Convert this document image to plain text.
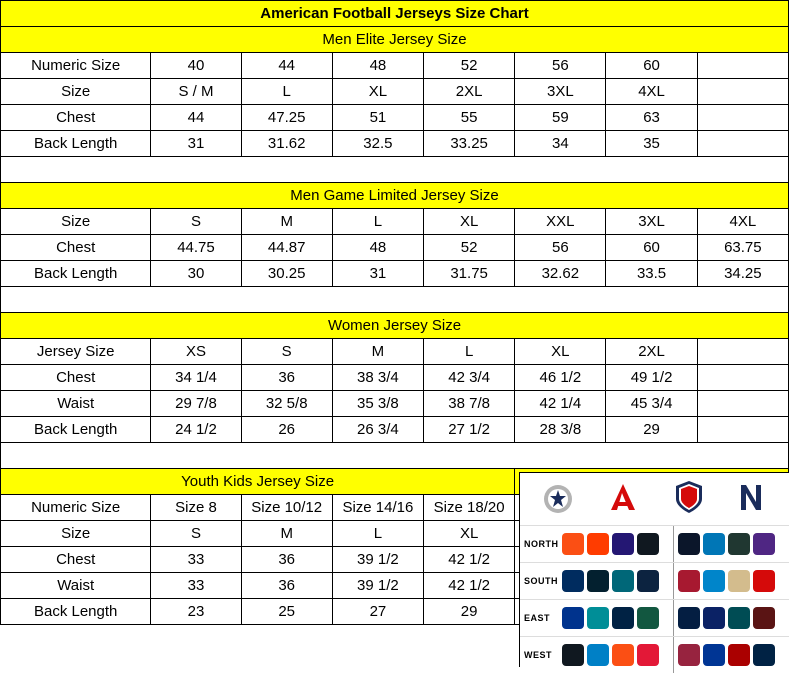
American Football Jerseys Size Chart							
Men Elite Jersey Size							
Numeric Size	40	44	48	52	56	60	
Size	S / M	L	XL	2XL	3XL	4XL	
Chest	44	47.25	51	55	59	63	
Back Length	31	31.62	32.5	33.25	34	35	

Men Game Limited Jersey Size							
Size	S	M	L	XL	XXL	3XL	4XL
Chest	44.75	44.87	48	52	56	60	63.75
Back Length	30	30.25	31	31.75	32.62	33.5	34.25

Women Jersey Size							
Jersey Size	XS	S	M	L	XL	2XL	
Chest	34 1/4	36	38 3/4	42 3/4	46 1/2	49 1/2	
Waist	29 7/8	32 5/8	35 3/8	38 7/8	42 1/4	45 3/4	
Back Length	24 1/2	26	26 3/4	27 1/2	28 3/8	29	

Youth Kids Jersey Size							
Numeric Size	Size 8	Size 10/12	Size 14/16	Size 18/20			
Size	S	M	L	XL			
Chest	33	36	39 1/2	42 1/2			
Waist	33	36	39 1/2	42 1/2			
Back Length	23	25	27	29			
NORTH
SOUTH
EAST
WEST
